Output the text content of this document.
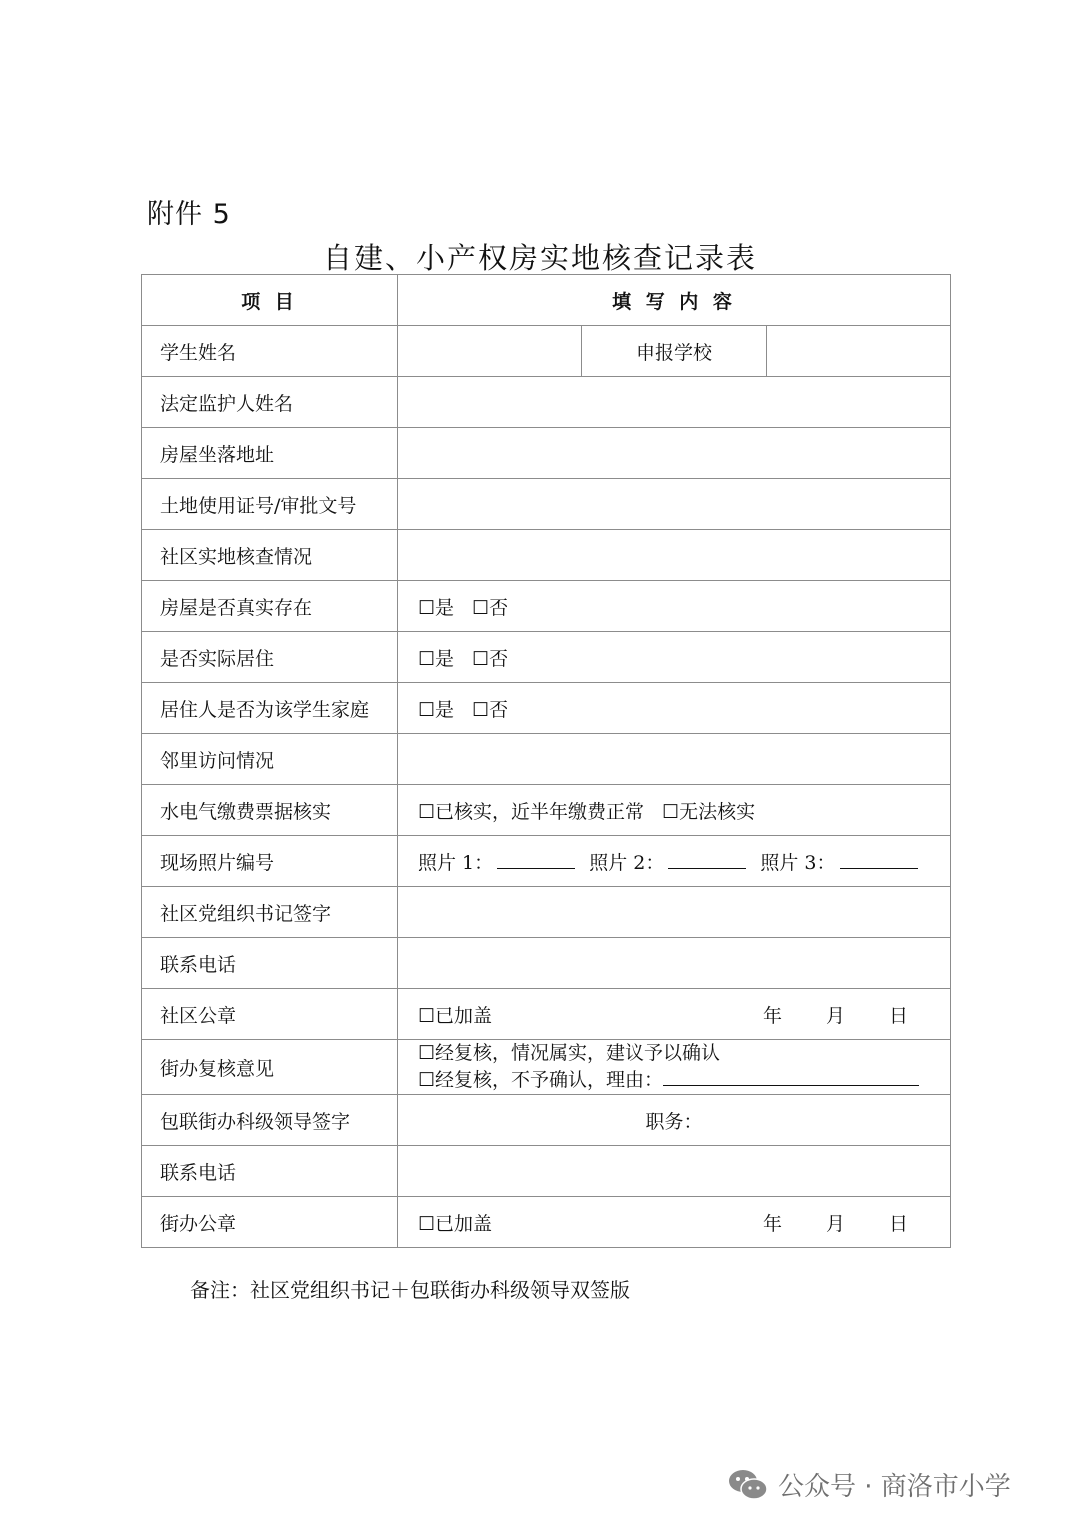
附件 5
自建、小产权房实地核查记录表
项 目	填 写 内 容		
学生姓名		申报学校	
法定监护人姓名			
房屋坐落地址			
土地使用证号/审批文号			
社区实地核查情况			
房屋是否真实存在	☐是 ☐否		
是否实际居住	☐是 ☐否		
居住人是否为该学生家庭	☐是 ☐否		
邻里访问情况			
水电气缴费票据核实	☐已核实，近半年缴费正常 ☐无法核实		
现场照片编号	照片 1： 照片 2： 照片 3：		
社区党组织书记签字			
联系电话			
社区公章	☐已加盖 年 月 日		

街办复核意见	☐经复核，情况属实，建议予以确认
☐经复核，不予确认，理由：		

包联街办科级领导签字	职务：		
联系电话			
街办公章	☐已加盖 年 月 日		
备注：社区党组织书记＋包联街办科级领导双签版
公众号 · 商洛市小学
